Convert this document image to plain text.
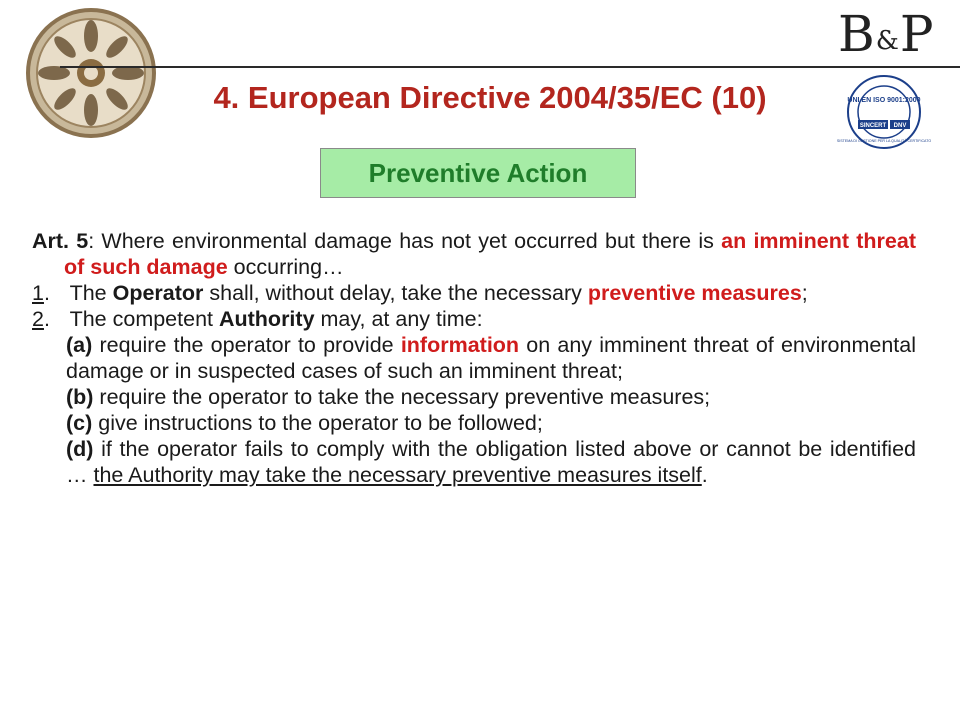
B&P
UNI EN ISO 9001:2000
SINCERT DNV
SISTEMA DI GESTIONE PER LA QUALITÀ CERTIFICATO
4. European Directive 2004/35/EC (10)
Preventive Action

Art. 5: Where environmental damage has not yet occurred but there is an imminent threat of such damage occurring…

1. The Operator shall, without delay, take the necessary preventive measures;

2. The competent Authority may, at any time:

(a) require the operator to provide information on any imminent threat of environmental damage or in suspected cases of such an imminent threat;

(b) require the operator to take the necessary preventive measures;

(c) give instructions to the operator to be followed;

(d) if the operator fails to comply with the obligation listed above or cannot be identified … the Authority may take the necessary preventive measures itself.
